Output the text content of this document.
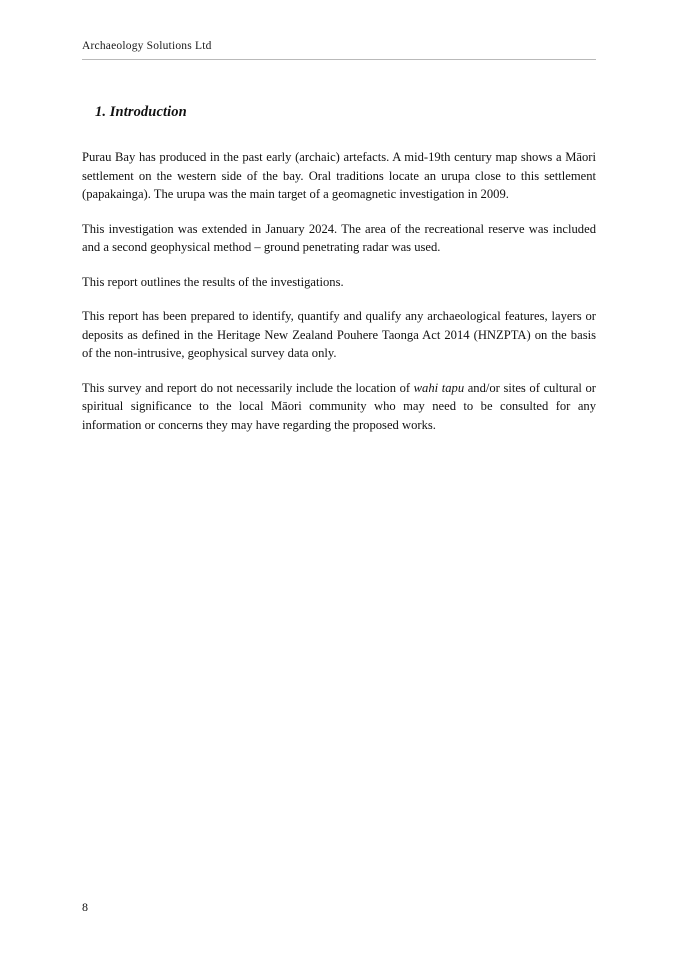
Archaeology Solutions Ltd
1. Introduction

Purau Bay has produced in the past early (archaic) artefacts. A mid-19th century map shows a Māori settlement on the western side of the bay. Oral traditions locate an urupa close to this settlement (papakainga). The urupa was the main target of a geomagnetic investigation in 2009.

This investigation was extended in January 2024. The area of the recreational reserve was included and a second geophysical method – ground penetrating radar was used.

This report outlines the results of the investigations.

This report has been prepared to identify, quantify and qualify any archaeological features, layers or deposits as defined in the Heritage New Zealand Pouhere Taonga Act 2014 (HNZPTA) on the basis of the non-intrusive, geophysical survey data only.

This survey and report do not necessarily include the location of wahi tapu and/or sites of cultural or spiritual significance to the local Māori community who may need to be consulted for any information or concerns they may have regarding the proposed works.

8
